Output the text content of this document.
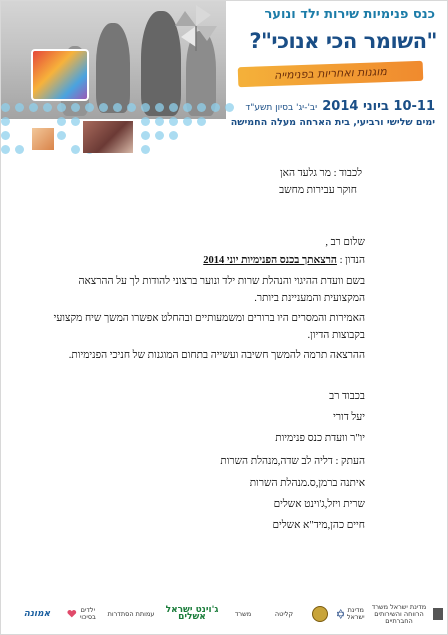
כנס פנימיות שירות ילד ונוער
"השומר הכי אנוכי"?
מוגנות ואחריות בפנימייה
10-11 ביוני 2014 יב'-יג' בסיון תשע"ד
ימים שלישי ורביעי, בית הארחה מעלה החמישה
לכבוד : מר גלעד האן
חוקר עבירות מחשב
שלום רב ,
הנדון : הרצאתך בכנס הפנימיות יוני 2014
בשם וועדת ההיגוי והנהלת שרות ילד ונוער ברצוני להודות לך על ההרצאה המקצועית והמעניינת ביותר.
האמירות והמסרים היו ברורים ומשמעותיים ובהחלט אפשרו המשך שיח מקצועי בקבוצות הדיון.
ההרצאה תרמה להמשך חשיבה ועשייה בתחום המוגנות של חניכי הפנימיות.
בכבוד רב
יעל דורי
יו"ר וועדת כנס פנימיות
העתק : דליה לב שדה,מנהלת השרות
איתנה ברמן,ס.מנהלת השרות
שרית ויזל,ג'וינט אשלים
חיים כהן,מיד"א אשלים
אמונה	ילדים בסיכוי	עמותת הסתדרות	ג'וינט ישראל אשלים	משרד	קליטה	מדינת ישראל
מדינת ישראל משרד הרווחה והשירותים החברתיים
